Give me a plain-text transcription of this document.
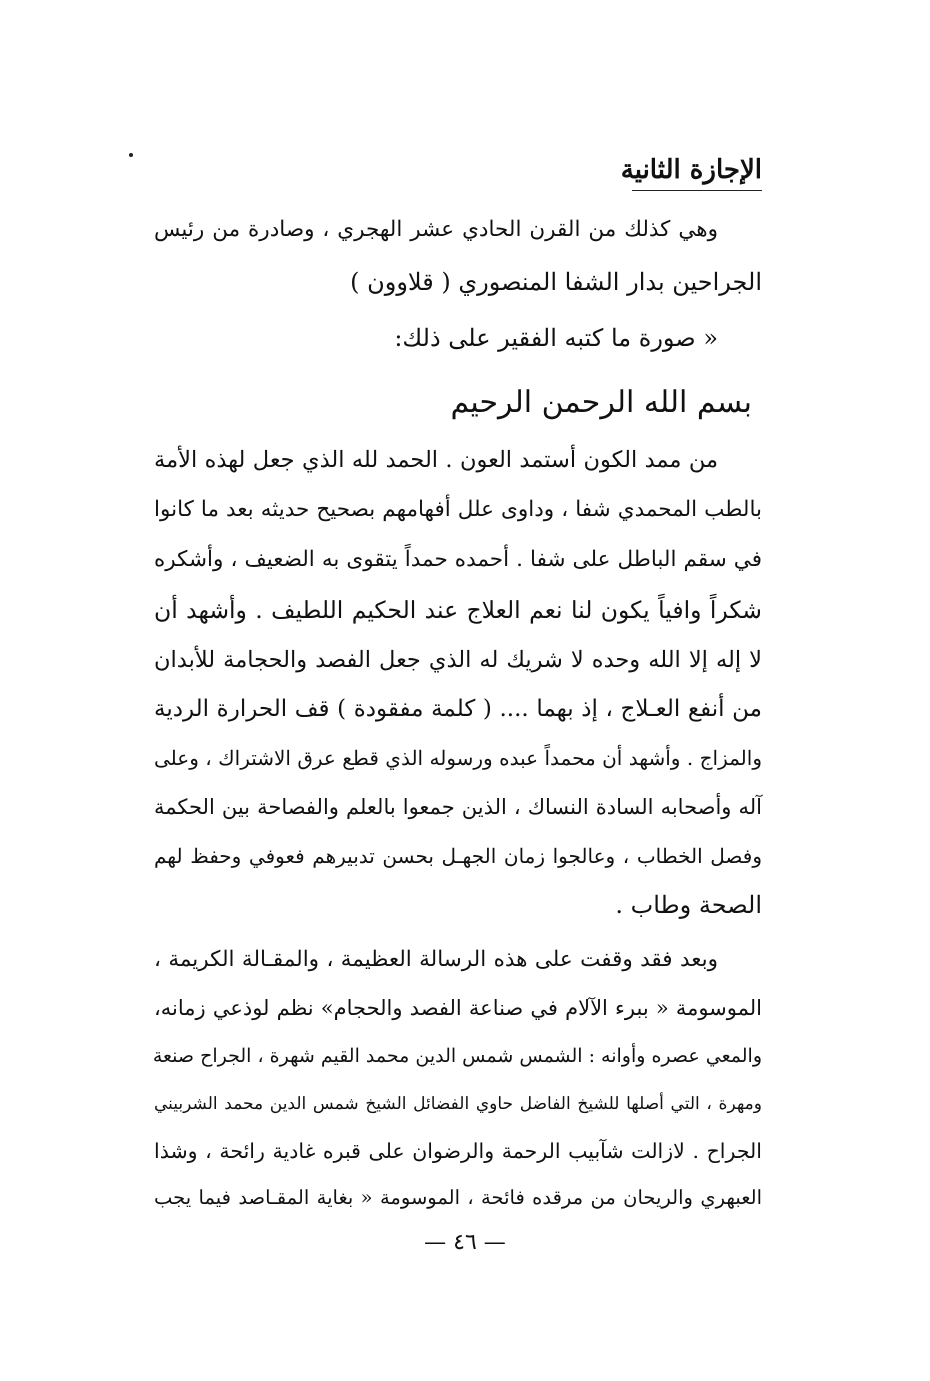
الإجازة الثانية
وهي كذلك من القرن الحادي عشر الهجري ، وصادرة من رئيس
الجراحين بدار الشفا المنصوري ( قلاوون )
« صورة ما كتبه الفقير على ذلك:
بسم الله الرحمن الرحيم
من ممد الكون أستمد العون . الحمد لله الذي جعل لهذه الأمة
بالطب المحمدي شفا ، وداوى علل أفهامهم بصحيح حديثه بعد ما كانوا
في سقم الباطل على شفا . أحمده حمداً يتقوى به الضعيف ، وأشكره
شكراً وافياً يكون لنا نعم العلاج عند الحكيم اللطيف . وأشهد أن
لا إله إلا الله وحده لا شريك له الذي جعل الفصد والحجامة للأبدان
من أنفع العـلاج ، إذ بهما .... ( كلمة مفقودة ) قف الحرارة الردية
والمزاج . وأشهد أن محمداً عبده ورسوله الذي قطع عرق الاشتراك ، وعلى
آله وأصحابه السادة النساك ، الذين جمعوا بالعلم والفصاحة بين الحكمة
وفصل الخطاب ، وعالجوا زمان الجهـل بحسن تدبيرهم فعوفي وحفظ لهم
الصحة وطاب .
وبعد فقد وقفت على هذه الرسالة العظيمة ، والمقـالة الكريمة ،
الموسومة « ببرء الآلام في صناعة الفصد والحجام» نظم لوذعي زمانه،
والمعي عصره وأوانه : الشمس شمس الدين محمد القيم شهرة ، الجراح صنعة
ومهرة ، التي أصلها للشيخ الفاضل حاوي الفضائل الشيخ شمس الدين محمد الشربيني
الجراح . لازالت شآبيب الرحمة والرضوان على قبره غادية رائحة ، وشذا
العبهري والريحان من مرقده فائحة ، الموسومة « بغاية المقـاصد فيما يجب
— ٤٦ —
